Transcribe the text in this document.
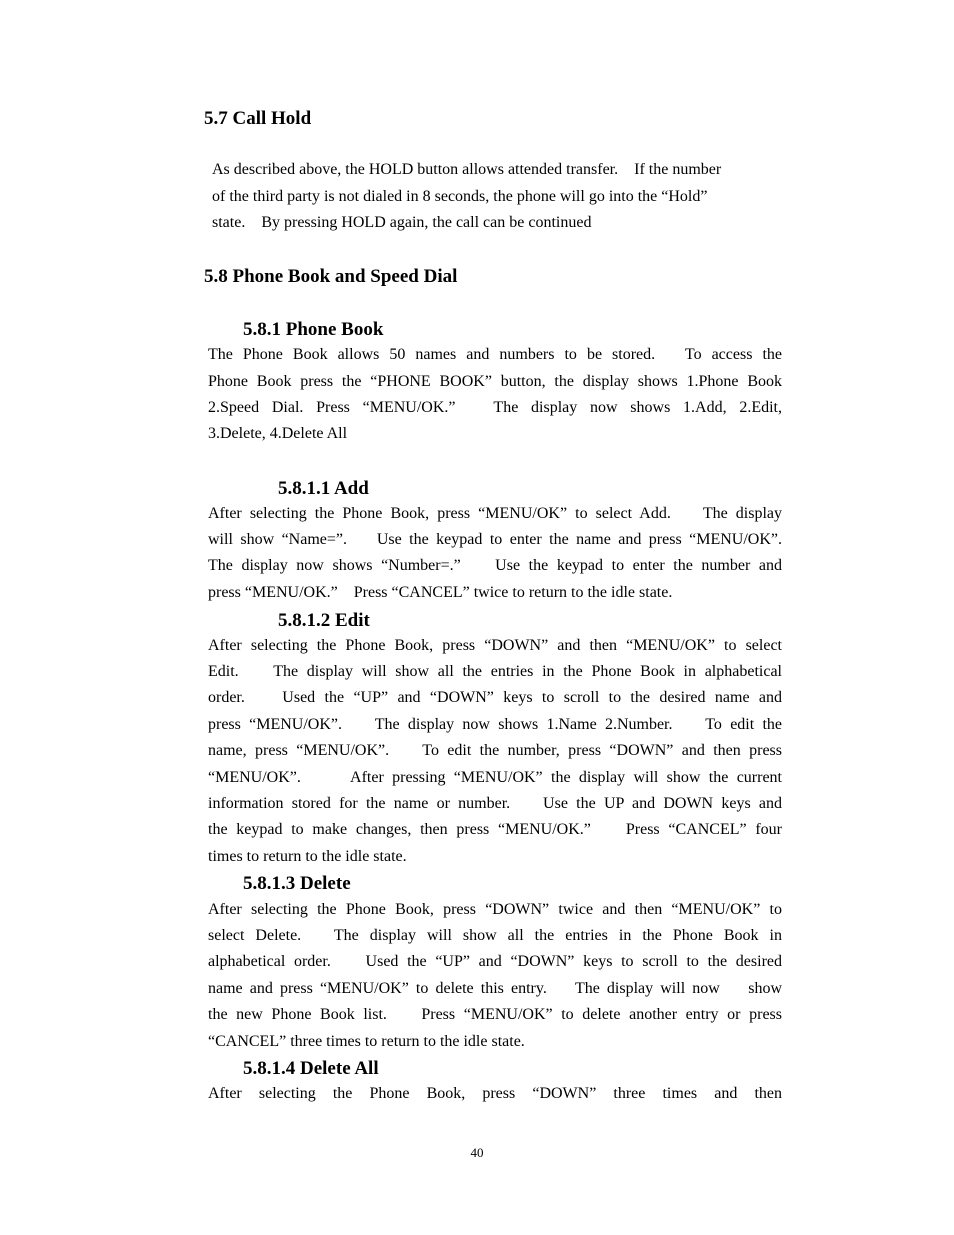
5.7 Call Hold
As described above, the HOLD button allows attended transfer.    If the number
of the third party is not dialed in 8 seconds, the phone will go into the “Hold”
state.    By pressing HOLD again, the call can be continued
5.8 Phone Book and Speed Dial
5.8.1 Phone Book
The Phone Book allows 50 names and numbers to be stored.   To access the
Phone Book press the “PHONE BOOK” button, the display shows 1.Phone Book
2.Speed Dial. Press “MENU/OK.”   The display now shows 1.Add, 2.Edit,
3.Delete, 4.Delete All
5.8.1.1 Add
After selecting the Phone Book, press “MENU/OK” to select Add.    The display
will show “Name=”.    Use the keypad to enter the name and press “MENU/OK”.
The display now shows “Number=.”    Use the keypad to enter the number and
press “MENU/OK.”    Press “CANCEL” twice to return to the idle state.
5.8.1.2 Edit
After selecting the Phone Book, press “DOWN” and then “MENU/OK” to select
Edit.    The display will show all the entries in the Phone Book in alphabetical
order.    Used the “UP” and “DOWN” keys to scroll to the desired name and
press “MENU/OK”.    The display now shows 1.Name 2.Number.    To edit the
name, press “MENU/OK”.    To edit the number, press “DOWN” and then press
“MENU/OK”.      After pressing “MENU/OK” the display will show the current
information stored for the name or number.    Use the UP and DOWN keys and
the keypad to make changes, then press “MENU/OK.”    Press “CANCEL” four
times to return to the idle state.
5.8.1.3 Delete
After selecting the Phone Book, press “DOWN” twice and then “MENU/OK” to
select Delete.   The display will show all the entries in the Phone Book in
alphabetical order.    Used the “UP” and “DOWN” keys to scroll to the desired
name and press “MENU/OK” to delete this entry.    The display will now    show
the new Phone Book list.    Press “MENU/OK” to delete another entry or press
“CANCEL” three times to return to the idle state.
5.8.1.4 Delete All
After selecting the Phone Book, press “DOWN” three times and then
40
